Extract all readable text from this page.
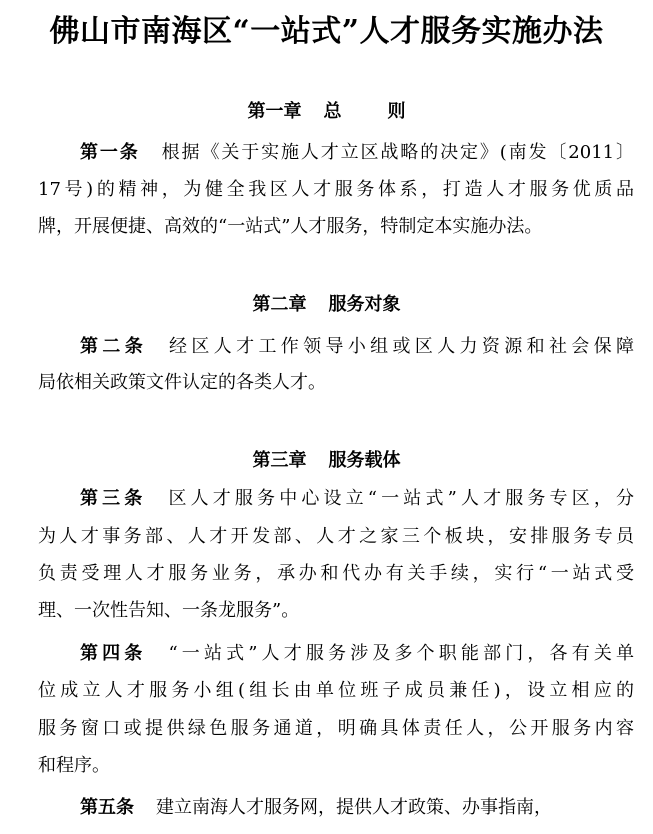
佛山市南海区“一站式”人才服务实施办法
第一章 总	则
第一条 根据《关于实施人才立区战略的决定》(南发〔2011〕
17号)的精神，为健全我区人才服务体系，打造人才服务优质品
牌，开展便捷、高效的“一站式”人才服务，特制定本实施办法。
第二章 服务对象
第二条 经区人才工作领导小组或区人力资源和社会保障
局依相关政策文件认定的各类人才。
第三章 服务载体
第三条 区人才服务中心设立“一站式”人才服务专区，分
为人才事务部、人才开发部、人才之家三个板块，安排服务专员
负责受理人才服务业务，承办和代办有关手续，实行“一站式受
理、一次性告知、一条龙服务”。
第四条 “一站式”人才服务涉及多个职能部门，各有关单
位成立人才服务小组(组长由单位班子成员兼任)，设立相应的
服务窗口或提供绿色服务通道，明确具体责任人，公开服务内容
和程序。
第五条 建立南海人才服务网，提供人才政策、办事指南，
